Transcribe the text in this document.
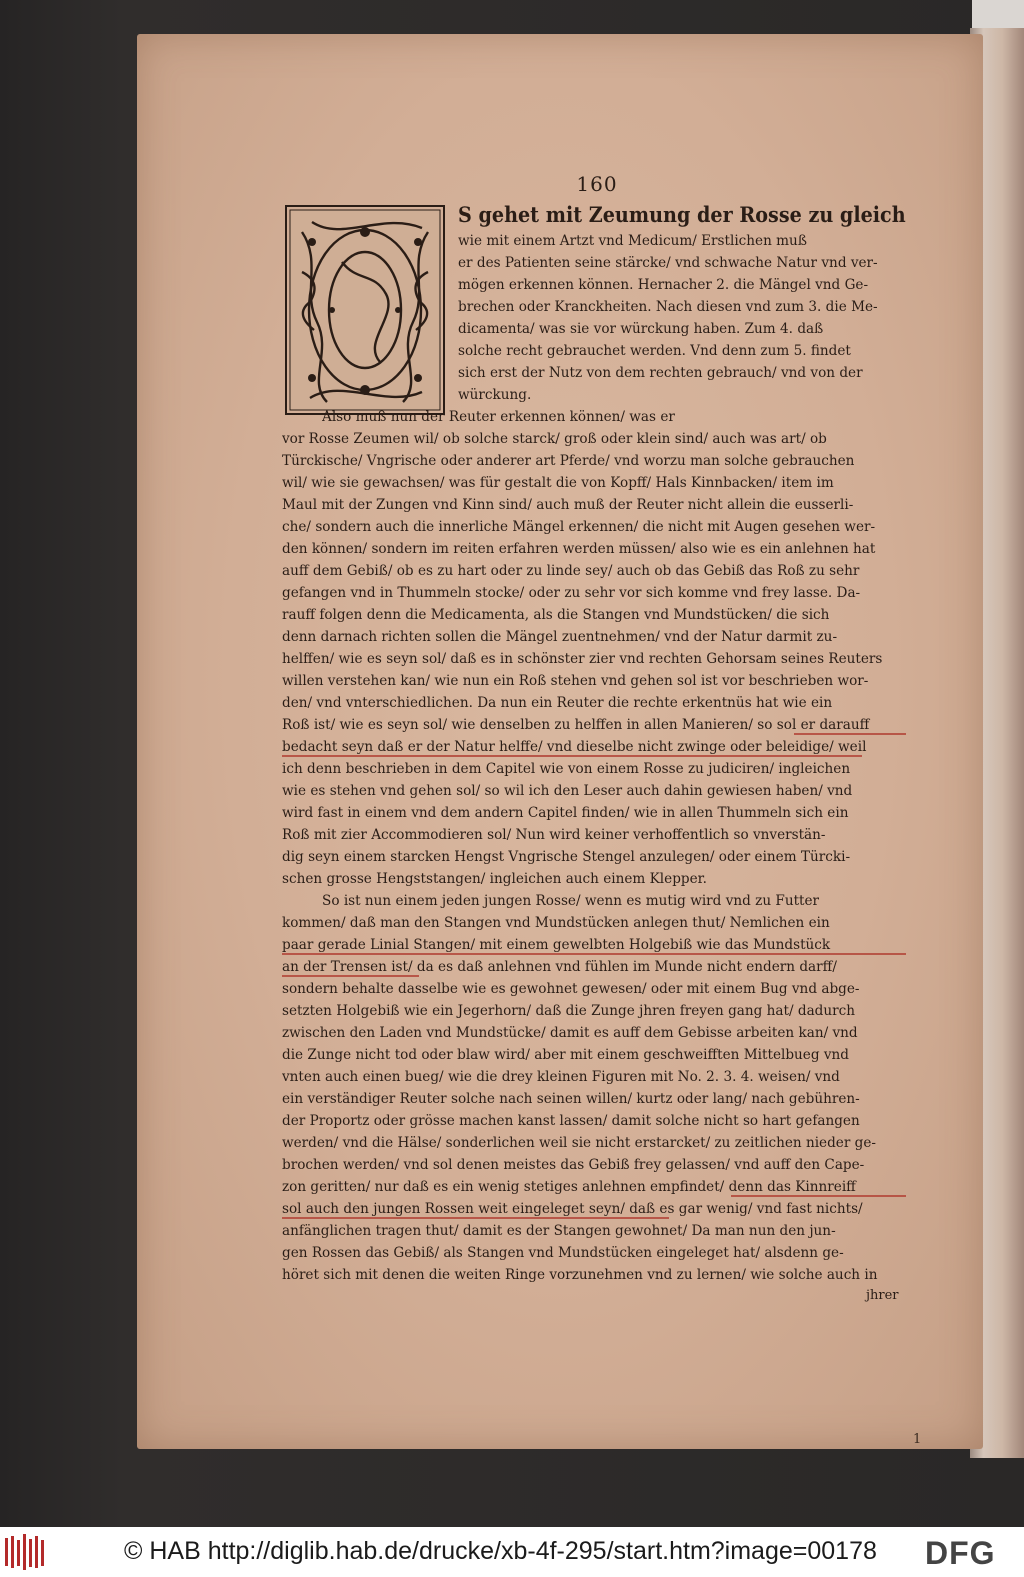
160
S gehet mit Zeumung der Rosse zu gleich
wie mit einem Artzt vnd Medicum/ Erstlichen muß
er des Patienten seine stärcke/ vnd schwache Natur vnd ver-
mögen erkennen können. Hernacher 2. die Mängel vnd Ge-
brechen oder Kranckheiten. Nach diesen vnd zum 3. die Me-
dicamenta/ was sie vor würckung haben. Zum 4. daß
solche recht gebrauchet werden. Vnd denn zum 5. findet
sich erst der Nutz von dem rechten gebrauch/ vnd von der
würckung.
Also muß nun der Reuter erkennen können/ was er
vor Rosse Zeumen wil/ ob solche starck/ groß oder klein sind/ auch was art/ ob
Türckische/ Vngrische oder anderer art Pferde/ vnd worzu man solche gebrauchen
wil/ wie sie gewachsen/ was für gestalt die von Kopff/ Hals Kinnbacken/ item im
Maul mit der Zungen vnd Kinn sind/ auch muß der Reuter nicht allein die eusserli-
che/ sondern auch die innerliche Mängel erkennen/ die nicht mit Augen gesehen wer-
den können/ sondern im reiten erfahren werden müssen/ also wie es ein anlehnen hat
auff dem Gebiß/ ob es zu hart oder zu linde sey/ auch ob das Gebiß das Roß zu sehr
gefangen vnd in Thummeln stocke/ oder zu sehr vor sich komme vnd frey lasse. Da-
rauff folgen denn die Medicamenta, als die Stangen vnd Mundstücken/ die sich
denn darnach richten sollen die Mängel zuentnehmen/ vnd der Natur darmit zu-
helffen/ wie es seyn sol/ daß es in schönster zier vnd rechten Gehorsam seines Reuters
willen verstehen kan/ wie nun ein Roß stehen vnd gehen sol ist vor beschrieben wor-
den/ vnd vnterschiedlichen. Da nun ein Reuter die rechte erkentnüs hat wie ein
Roß ist/ wie es seyn sol/ wie denselben zu helffen in allen Manieren/ so sol er darauff
bedacht seyn daß er der Natur helffe/ vnd dieselbe nicht zwinge oder beleidige/ weil
ich denn beschrieben in dem Capitel wie von einem Rosse zu judiciren/ ingleichen
wie es stehen vnd gehen sol/ so wil ich den Leser auch dahin gewiesen haben/ vnd
wird fast in einem vnd dem andern Capitel finden/ wie in allen Thummeln sich ein
Roß mit zier Accommodieren sol/ Nun wird keiner verhoffentlich so vnverstän-
dig seyn einem starcken Hengst Vngrische Stengel anzulegen/ oder einem Türcki-
schen grosse Hengststangen/ ingleichen auch einem Klepper.
So ist nun einem jeden jungen Rosse/ wenn es mutig wird vnd zu Futter
kommen/ daß man den Stangen vnd Mundstücken anlegen thut/ Nemlichen ein
paar gerade Linial Stangen/ mit einem gewelbten Holgebiß wie das Mundstück
an der Trensen ist/ da es daß anlehnen vnd fühlen im Munde nicht endern darff/
sondern behalte dasselbe wie es gewohnet gewesen/ oder mit einem Bug vnd abge-
setzten Holgebiß wie ein Jegerhorn/ daß die Zunge jhren freyen gang hat/ dadurch
zwischen den Laden vnd Mundstücke/ damit es auff dem Gebisse arbeiten kan/ vnd
die Zunge nicht tod oder blaw wird/ aber mit einem geschweifften Mittelbueg vnd
vnten auch einen bueg/ wie die drey kleinen Figuren mit No. 2. 3. 4. weisen/ vnd
ein verständiger Reuter solche nach seinen willen/ kurtz oder lang/ nach gebühren-
der Proportz oder grösse machen kanst lassen/ damit solche nicht so hart gefangen
werden/ vnd die Hälse/ sonderlichen weil sie nicht erstarcket/ zu zeitlichen nieder ge-
brochen werden/ vnd sol denen meistes das Gebiß frey gelassen/ vnd auff den Cape-
zon geritten/ nur daß es ein wenig stetiges anlehnen empfindet/ denn das Kinnreiff
sol auch den jungen Rossen weit eingeleget seyn/ daß es gar wenig/ vnd fast nichts/
anfänglichen tragen thut/ damit es der Stangen gewohnet/ Da man nun den jun-
gen Rossen das Gebiß/ als Stangen vnd Mundstücken eingeleget hat/ alsdenn ge-
höret sich mit denen die weiten Ringe vorzunehmen vnd zu lernen/ wie solche auch in
jhrer
1
© HAB http://diglib.hab.de/drucke/xb-4f-295/start.htm?image=00178 DFG
